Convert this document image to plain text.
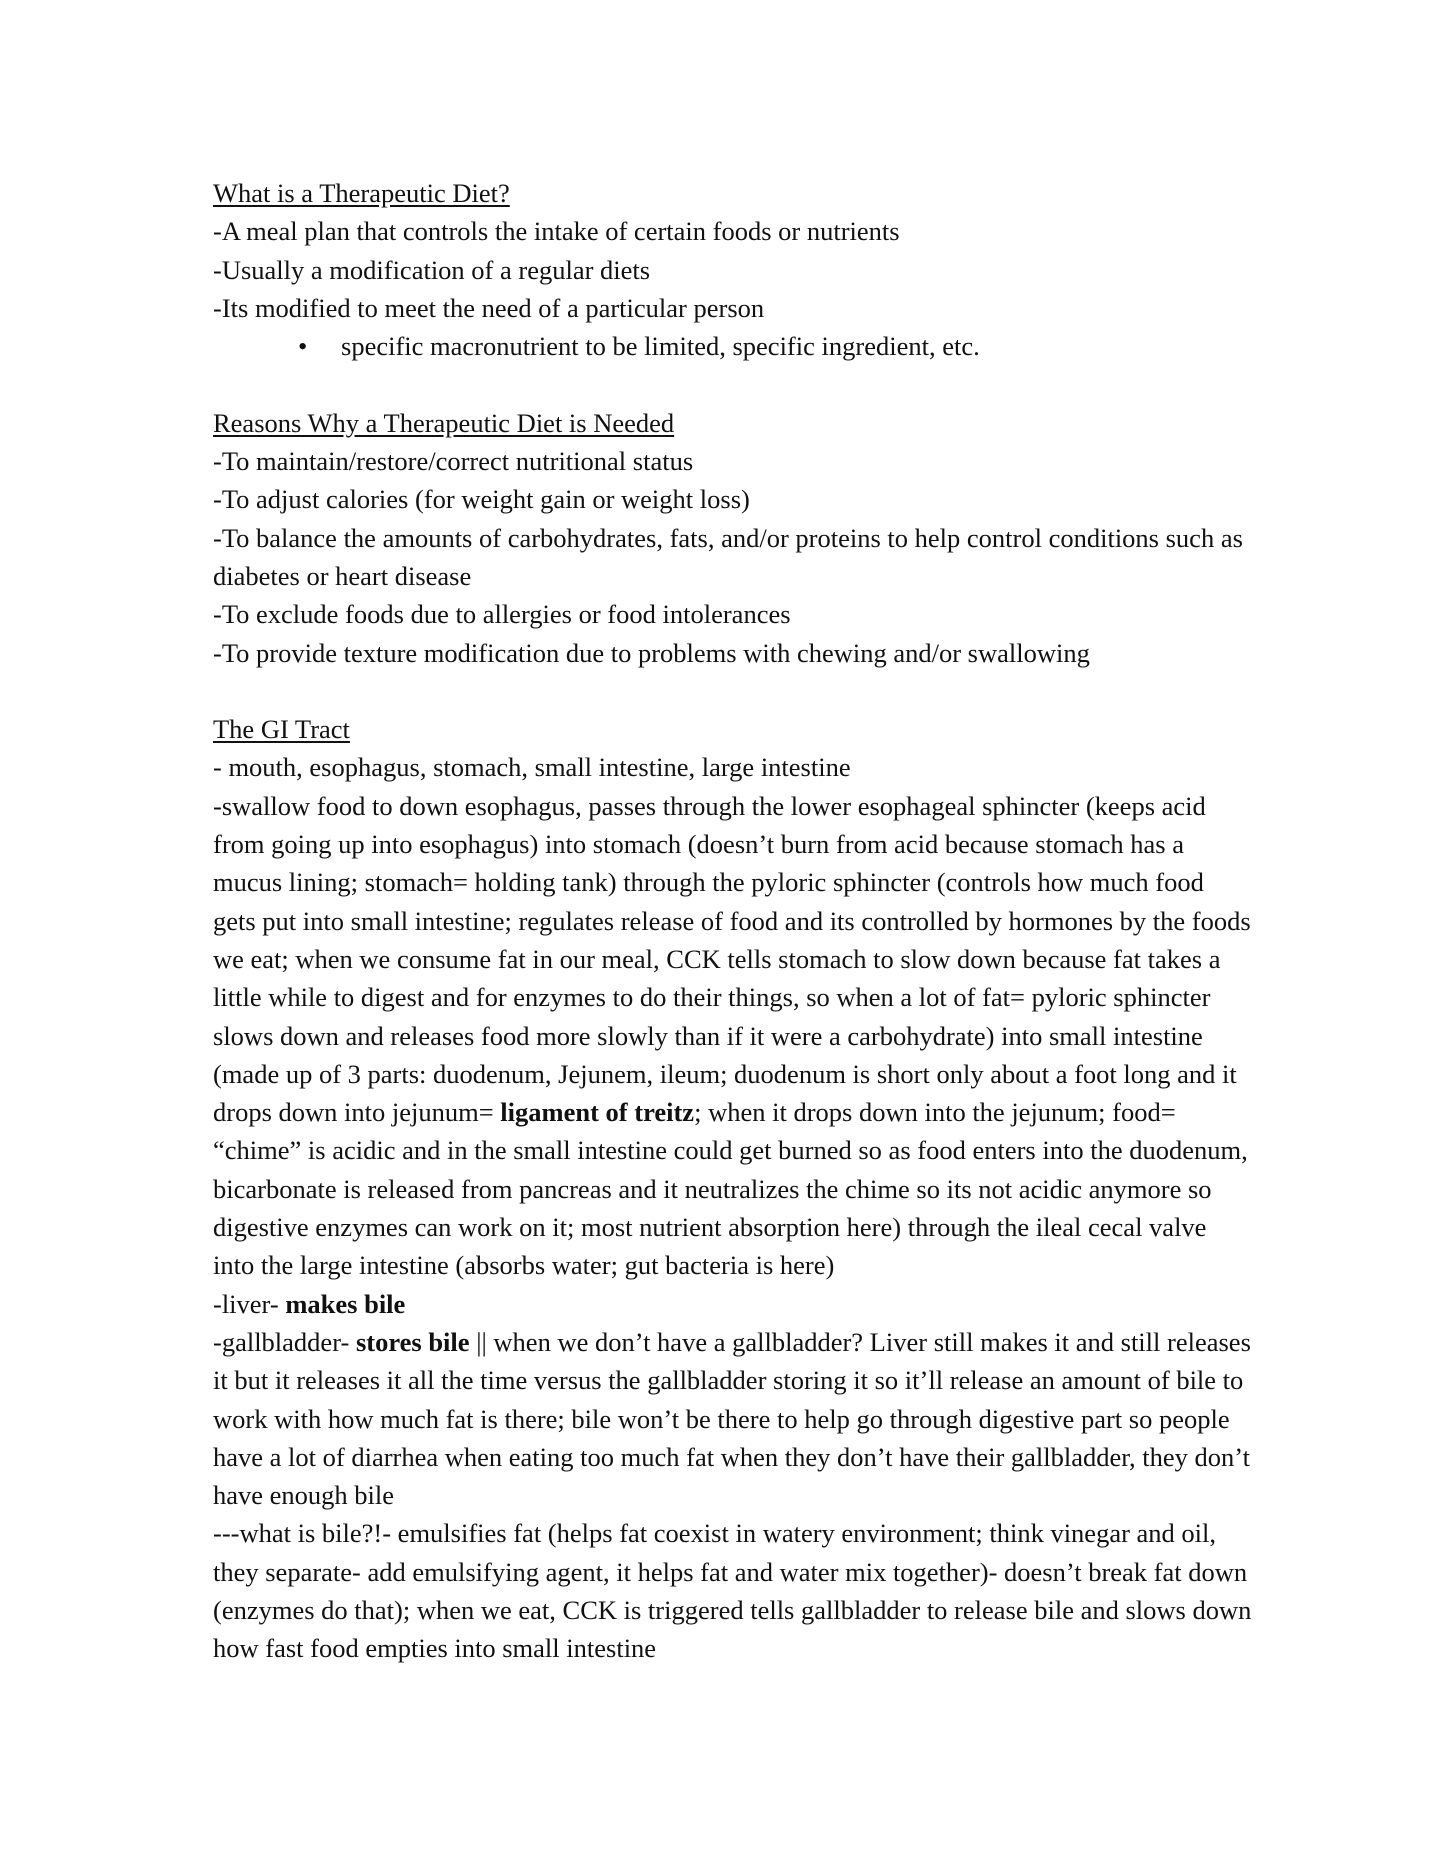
What is a Therapeutic Diet?

-A meal plan that controls the intake of certain foods or nutrients

-Usually a modification of a regular diets

-Its modified to meet the need of a particular person

• specific macronutrient to be limited, specific ingredient, etc.

Reasons Why a Therapeutic Diet is Needed

-To maintain/restore/correct nutritional status

-To adjust calories (for weight gain or weight loss)

-To balance the amounts of carbohydrates, fats, and/or proteins to help control conditions such as diabetes or heart disease

-To exclude foods due to allergies or food intolerances

-To provide texture modification due to problems with chewing and/or swallowing

The GI Tract

- mouth, esophagus, stomach, small intestine, large intestine

-swallow food to down esophagus, passes through the lower esophageal sphincter (keeps acid from going up into esophagus) into stomach (doesn’t burn from acid because stomach has a mucus lining; stomach= holding tank) through the pyloric sphincter (controls how much food gets put into small intestine; regulates release of food and its controlled by hormones by the foods we eat; when we consume fat in our meal, CCK tells stomach to slow down because fat takes a little while to digest and for enzymes to do their things, so when a lot of fat= pyloric sphincter slows down and releases food more slowly than if it were a carbohydrate) into small intestine (made up of 3 parts: duodenum, Jejunem, ileum; duodenum is short only about a foot long and it drops down into jejunum= ligament of treitz; when it drops down into the jejunum; food= “chime” is acidic and in the small intestine could get burned so as food enters into the duodenum, bicarbonate is released from pancreas and it neutralizes the chime so its not acidic anymore so digestive enzymes can work on it; most nutrient absorption here) through the ileal cecal valve into the large intestine (absorbs water; gut bacteria is here)

-liver- makes bile

-gallbladder- stores bile || when we don’t have a gallbladder? Liver still makes it and still releases it but it releases it all the time versus the gallbladder storing it so it’ll release an amount of bile to work with how much fat is there; bile won’t be there to help go through digestive part so people have a lot of diarrhea when eating too much fat when they don’t have their gallbladder, they don’t have enough bile

---what is bile?!- emulsifies fat (helps fat coexist in watery environment; think vinegar and oil, they separate- add emulsifying agent, it helps fat and water mix together)- doesn’t break fat down (enzymes do that); when we eat, CCK is triggered tells gallbladder to release bile and slows down how fast food empties into small intestine
